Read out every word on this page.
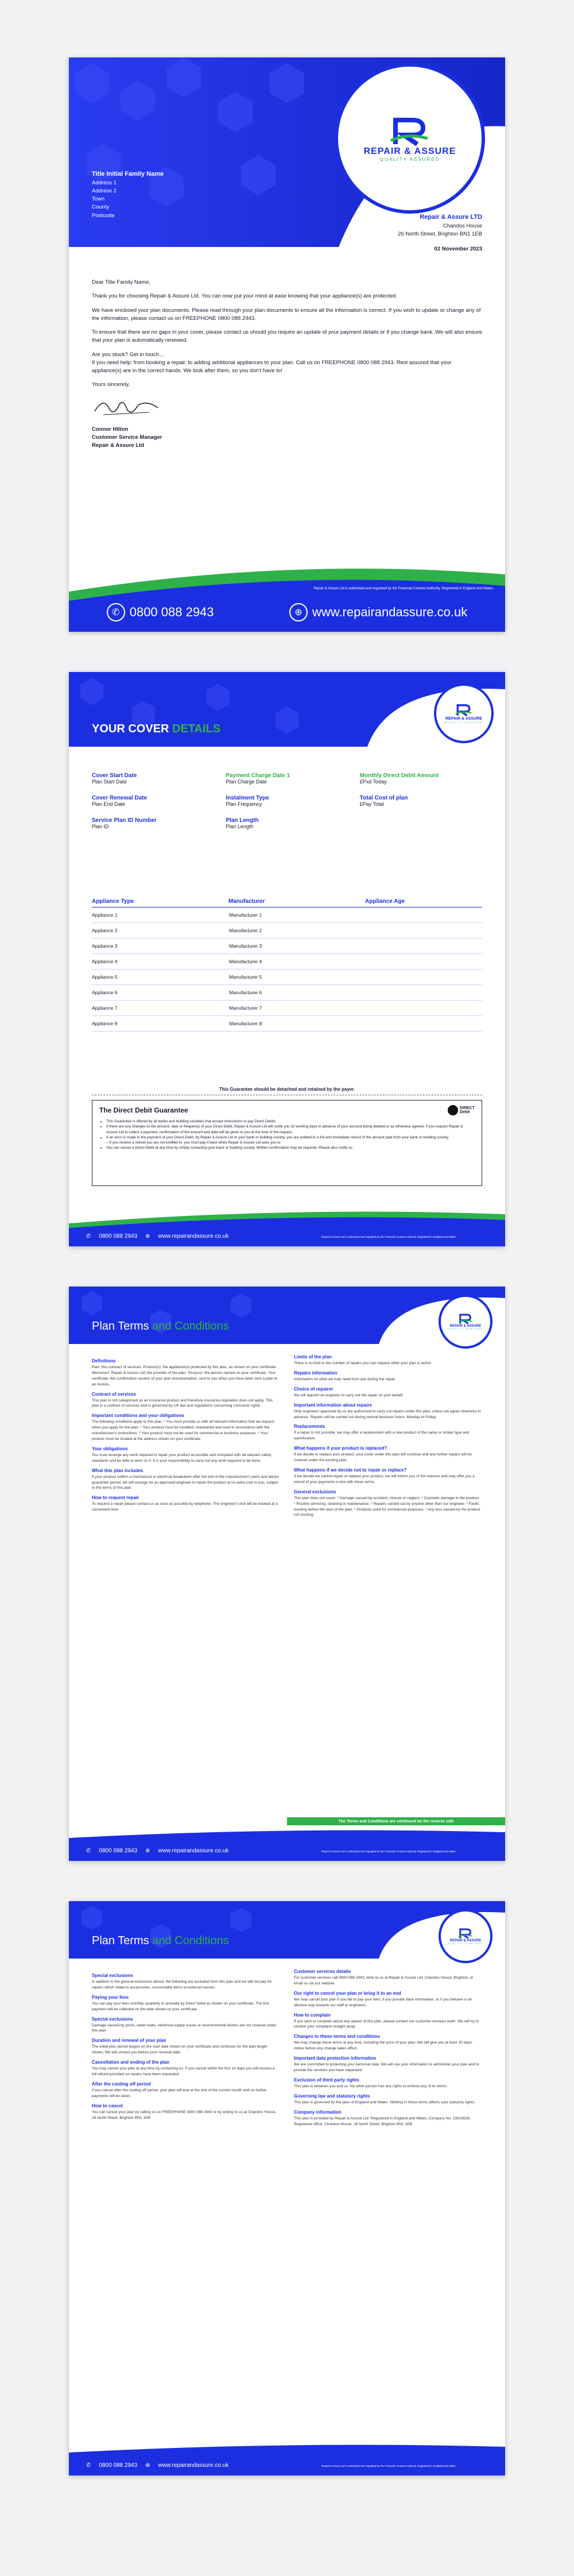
REPAIR & ASSURE
QUALITY ASSURED
Title Initial Family Name
Address 1
Address 2
Town
County
Postcode	Repair & Assure LTD
Chandos House
26 North Street, Brighton BN1 1EB
02 November 2023

Dear Title Family Name,

Thank you for choosing Repair & Assure Ltd. You can now put your mind at ease knowing that your appliance(s) are protected.

We have enclosed your plan documents. Please read through your plan documents to ensure all the information is correct. If you wish to update or change any of the information, please contact us on FREEPHONE 0800 088 2943.

To ensure that there are no gaps in your cover, please contact us should you require an update of your payment details or if you change bank. We will also ensure that your plan is automatically renewed.

Are you stuck? Get in touch...

If you need help: from booking a repair, to adding additional appliances to your plan. Call us on FREEPHONE 0800 088 2943. Rest assured that your appliance(s) are in the correct hands. We look after them, so you don't have to!

Yours sincerely,

Connor Hilton
Customer Service Manager
Repair & Assure Ltd
Repair & Assure Ltd is authorised and regulated by the Financial Conduct Authority. Registered in England and Wales.
✆ 0800 088 2943	⊕ www.repairandassure.co.uk
REPAIR & ASSURE
QUALITY ASSURED
YOUR COVER DETAILS
Cover Start Date
Plan Start Date
Payment Charge Date 1
Plan Charge Date
Monthly Direct Debit Amount
£Pxd Today
Cover Renewal Date
Plan End Date
Instalment Type
Plan Frequency
Total Cost of plan
£Pay Total
Service Plan ID Number
Plan ID
Plan Length
Plan Length
Appliance Type	Manufacturer	Appliance Age
Appliance 1	Manufacturer 1	
Appliance 2	Manufacturer 2	
Appliance 3	Manufacturer 3	
Appliance 4	Manufacturer 4	
Appliance 5	Manufacturer 5	
Appliance 6	Manufacturer 6	
Appliance 7	Manufacturer 7	
Appliance 8	Manufacturer 8	
This Guarantee should be detached and retained by the payer.
The Direct Debit Guarantee	DIRECT
Debit
• This Guarantee is offered by all banks and building societies that accept instructions to pay Direct Debits.
• If there are any changes to the amount, date or frequency of your Direct Debit, Repair & Assure Ltd will notify you 10 working days in advance of your account being debited or as otherwise agreed. If you request Repair & Assure Ltd to collect a payment, confirmation of the amount and date will be given to you at the time of the request.
• If an error is made in the payment of your Direct Debit, by Repair & Assure Ltd or your bank or building society, you are entitled to a full and immediate refund of the amount paid from your bank or building society.
– If you receive a refund you are not entitled to, you must pay it back when Repair & Assure Ltd asks you to.
• You can cancel a Direct Debit at any time by simply contacting your bank or building society. Written confirmation may be required. Please also notify us.
✆ 0800 088 2943 ⊕ www.repairandassure.co.uk	Repair & Assure Ltd is authorised and regulated by the Financial Conduct Authority. Registered in England and Wales.
REPAIR & ASSURE
QUALITY ASSURED
Plan Terms and Conditions
Definitions
Plan: this contract of services. Product(s): the appliance(s) protected by this plan, as shown on your certificate. We/us/our: Repair & Assure Ltd, the provider of the plan. You/your: the person named on your certificate. Your certificate: the confirmation section of your plan documentation, sent to you when you have been sent a plan or an invoice.
Contract of services
This plan is not categorised as an insurance product and therefore insurance regulation does not apply. This plan is a contract of services and is governed by UK law and regulations concerning consumer rights.
Important conditions and your obligations
The following conditions apply to this plan. * You must provide us with all relevant information that we request when you apply for the plan. * Your product must be installed, maintained and used in accordance with the manufacturer's instructions. * Your product must not be used for commercial or business purposes. * Your product must be located at the address shown on your certificate.
Your obligations
You must arrange any work required to repair your product accessible and compliant with all relevant safety standards and be able to work on it. It is your responsibility to carry out any work required to be done.
What this plan includes
If your product suffers a mechanical or electrical breakdown after the end of the manufacturer's parts and labour guarantee period, we will arrange for an approved engineer to repair the product at no extra cost to you, subject to the terms of this plan.
How to request repair
To request a repair please contact us as soon as possible by telephone. The engineer's visit will be booked at a convenient time.
Limits of the plan
There is no limit to the number of repairs you can request while your plan is active.
Repairs information
Information on what we may need from you during the repair.
Choice of repairer
We will appoint an engineer to carry out the repair on your behalf.
Important information about repairs
Only engineers approved by us are authorised to carry out repairs under this plan, unless we agree otherwise in advance. Repairs will be carried out during normal business hours, Monday to Friday.
Replacements
If a repair is not possible, we may offer a replacement with a new product of the same or similar type and specification.
What happens if your product is replaced?
If we decide to replace your product, your cover under this plan will continue and any further repairs will be covered under the existing plan.
What happens if we decide not to repair or replace?
If we decide we cannot repair or replace your product, we will inform you of the reasons and may offer you a refund of your payments in line with these terms.
General exclusions
This plan does not cover: * Damage caused by accident, misuse or neglect. * Cosmetic damage to the product. * Routine servicing, cleaning or maintenance. * Repairs carried out by anyone other than our engineer. * Faults existing before the start of the plan. * Products used for commercial purposes. * Any loss caused by the product not working.
The Terms and Conditions are continued on the reverse side
✆ 0800 088 2943 ⊕ www.repairandassure.co.uk	Repair & Assure Ltd is authorised and regulated by the Financial Conduct Authority. Registered in England and Wales.
REPAIR & ASSURE
QUALITY ASSURED
Plan Terms and Conditions
Special exclusions
In addition to the general exclusions above, the following are excluded from this plan and we will not pay for repairs which relate to accessories, consumable items or external causes.
Paying your fees
You can pay your fees monthly, quarterly or annually by Direct Debit as shown on your certificate. The first payment will be collected on the date shown on your certificate.
Special exclusions
Damage caused by pests, water leaks, electrical supply issues or environmental factors are not covered under this plan.
Duration and renewal of your plan
The initial plan period begins on the start date shown on your certificate and continues for the plan length shown. We will contact you before your renewal date.
Cancellation and ending of the plan
You may cancel your plan at any time by contacting us. If you cancel within the first 14 days you will receive a full refund provided no repairs have been requested.
After the cooling off period
If you cancel after the cooling off period, your plan will end at the end of the current month and no further payments will be taken.
How to cancel
You can cancel your plan by calling us on FREEPHONE 0800 088 2943 or by writing to us at Chandos House, 26 North Street, Brighton BN1 1EB.
Customer services details
For customer services call 0800 088 2943, write to us at Repair & Assure Ltd, Chandos House, Brighton, or email us via our website.
Our right to cancel your plan or bring it to an end
We may cancel your plan if you fail to pay your fees, if you provide false information, or if you behave in an abusive way towards our staff or engineers.
How to complain
If you wish to complain about any aspect of this plan, please contact our customer services team. We will try to resolve your complaint straight away.
Changes to these terms and conditions
We may change these terms at any time, including the price of your plan. We will give you at least 30 days' notice before any change takes effect.
Important data protection information
We are committed to protecting your personal data. We will use your information to administer your plan and to provide the services you have requested.
Exclusion of third party rights
This plan is between you and us. No other person has any rights to enforce any of its terms.
Governing law and statutory rights
This plan is governed by the laws of England and Wales. Nothing in these terms affects your statutory rights.
Company information
This plan is provided by Repair & Assure Ltd. Registered in England and Wales, Company No. 13616526. Registered office: Chandos House, 26 North Street, Brighton BN1 1EB.
✆ 0800 088 2943 ⊕ www.repairandassure.co.uk	Repair & Assure Ltd is authorised and regulated by the Financial Conduct Authority. Registered in England and Wales.
